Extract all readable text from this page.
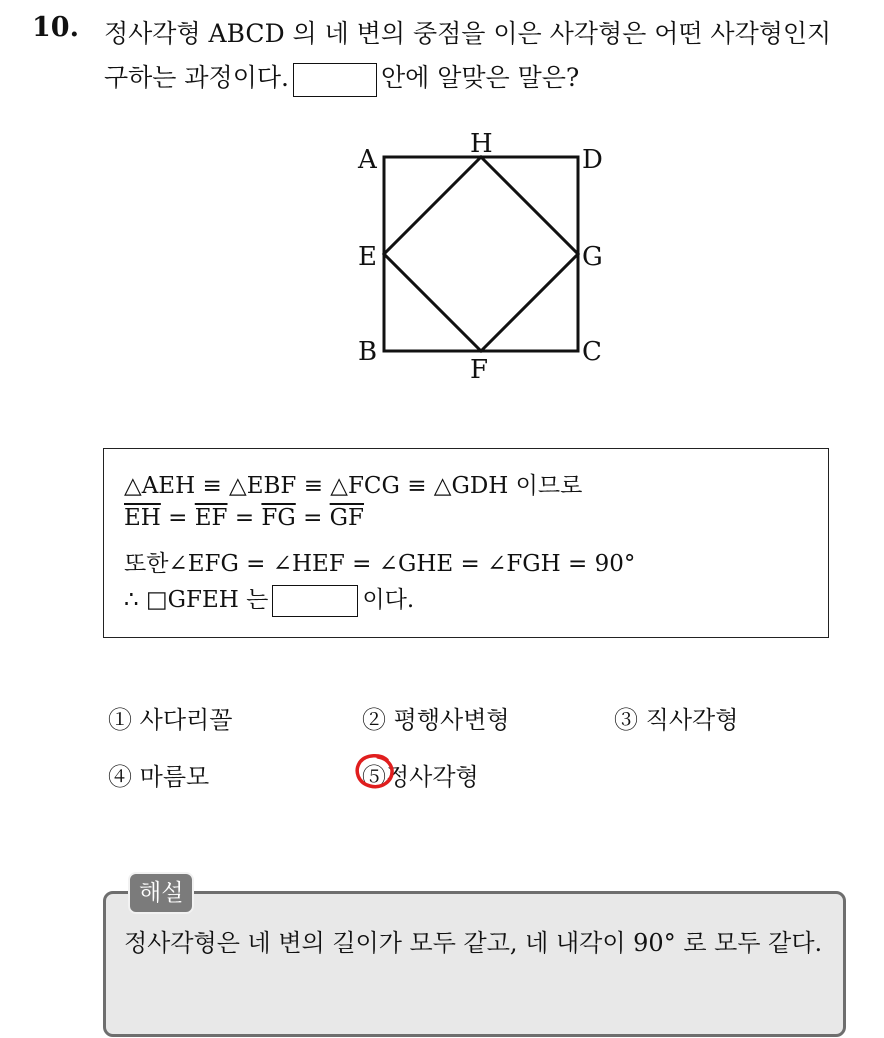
10. 정사각형 ABCD 의 네 변의 중점을 이은 사각형은 어떤 사각형인지
구하는 과정이다.	안에 알맞은 말은?
A	D
H
E	G
B	C
F
△AEH ≡ △EBF ≡ △FCG ≡ △GDH 이므로
$\overline{EH} = \overline{EF} = \overline{FG} = \overline{GF}$
또한∠EFG = ∠HEF = ∠GHE = ∠FGH = 90°
∴ □GFEH 는	이다.
① 사다리꼴	② 평행사변형	③ 직사각형
④ 마름모	⑤정사각형
해설
정사각형은 네 변의 길이가 모두 같고, 네 내각이 90° 로 모두 같다.
